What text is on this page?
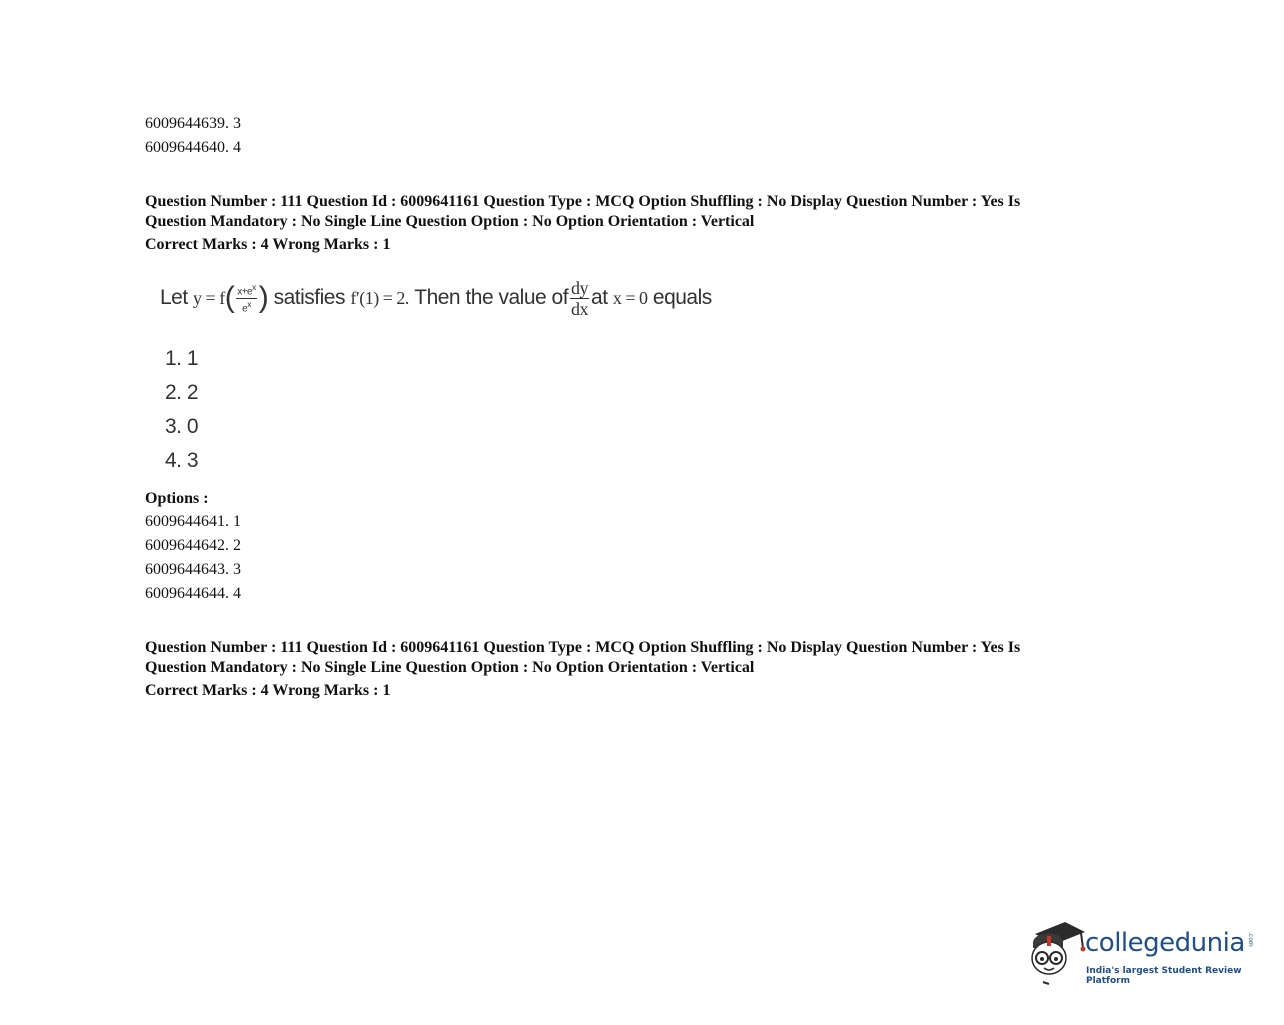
6009644639. 3
6009644640. 4
Question Number : 111 Question Id : 6009641161 Question Type : MCQ Option Shuffling : No Display Question Number : Yes Is
Question Mandatory : No Single Line Question Option : No Option Orientation : Vertical
Correct Marks : 4 Wrong Marks : 1
Let
y = f ( $\frac{x+e^x}{e^x}$ )
satisfies
f′(1) = 2.
Then the value of $\frac{dy}{dx}$ at
x = 0
equals
1. 1
2. 2
3. 0
4. 3
Options :
6009644641. 1
6009644642. 2
6009644643. 3
6009644644. 4
Question Number : 111 Question Id : 6009641161 Question Type : MCQ Option Shuffling : No Display Question Number : Yes Is
Question Mandatory : No Single Line Question Option : No Option Orientation : Vertical
Correct Marks : 4 Wrong Marks : 1
collegedunia .com
India's largest Student Review Platform
